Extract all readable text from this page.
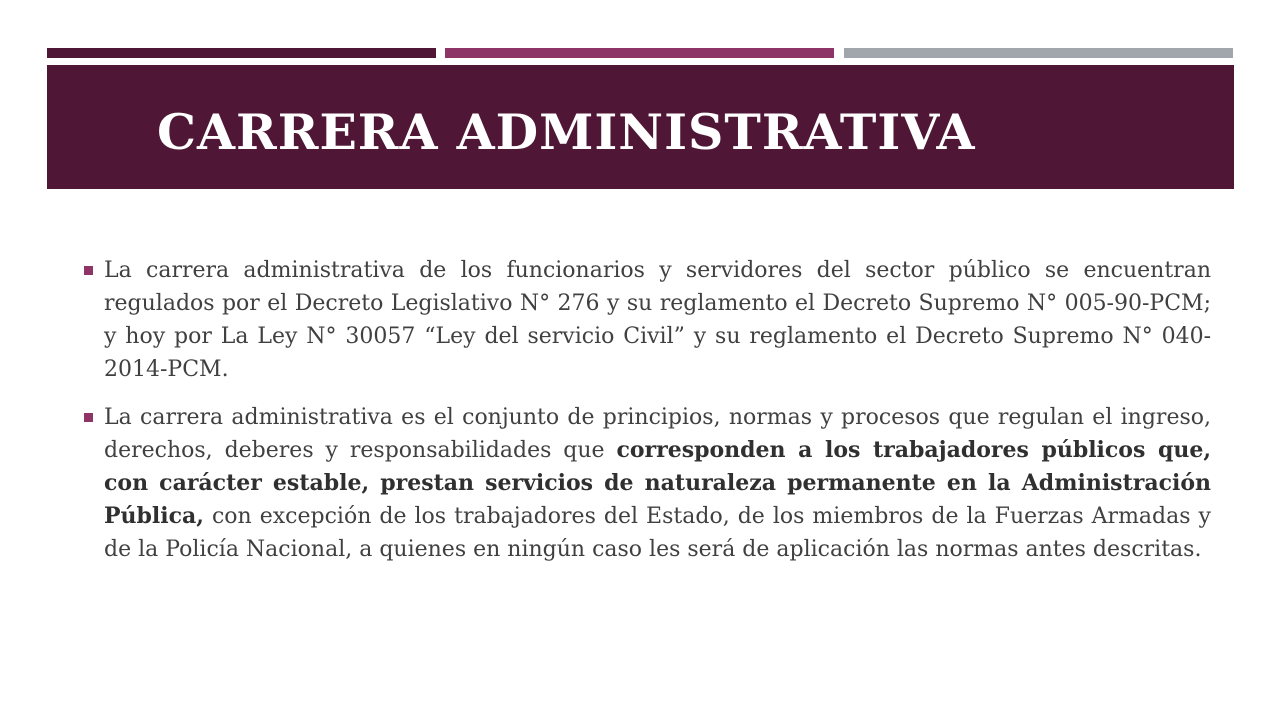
CARRERA ADMINISTRATIVA

La carrera administrativa de los funcionarios y servidores del sector público se encuentran regulados por el Decreto Legislativo N° 276 y su reglamento el Decreto Supremo N° 005-90-PCM; y hoy por La Ley N° 30057 “Ley del servicio Civil” y su reglamento el Decreto Supremo N° 040-2014-PCM.

La carrera administrativa es el conjunto de principios, normas y procesos que regulan el ingreso, derechos, deberes y responsabilidades que corresponden a los trabajadores públicos que, con carácter estable, prestan servicios de naturaleza permanente en la Administración Pública, con excepción de los trabajadores del Estado, de los miembros de la Fuerzas Armadas y de la Policía Nacional, a quienes en ningún caso les será de aplicación las normas antes descritas.
